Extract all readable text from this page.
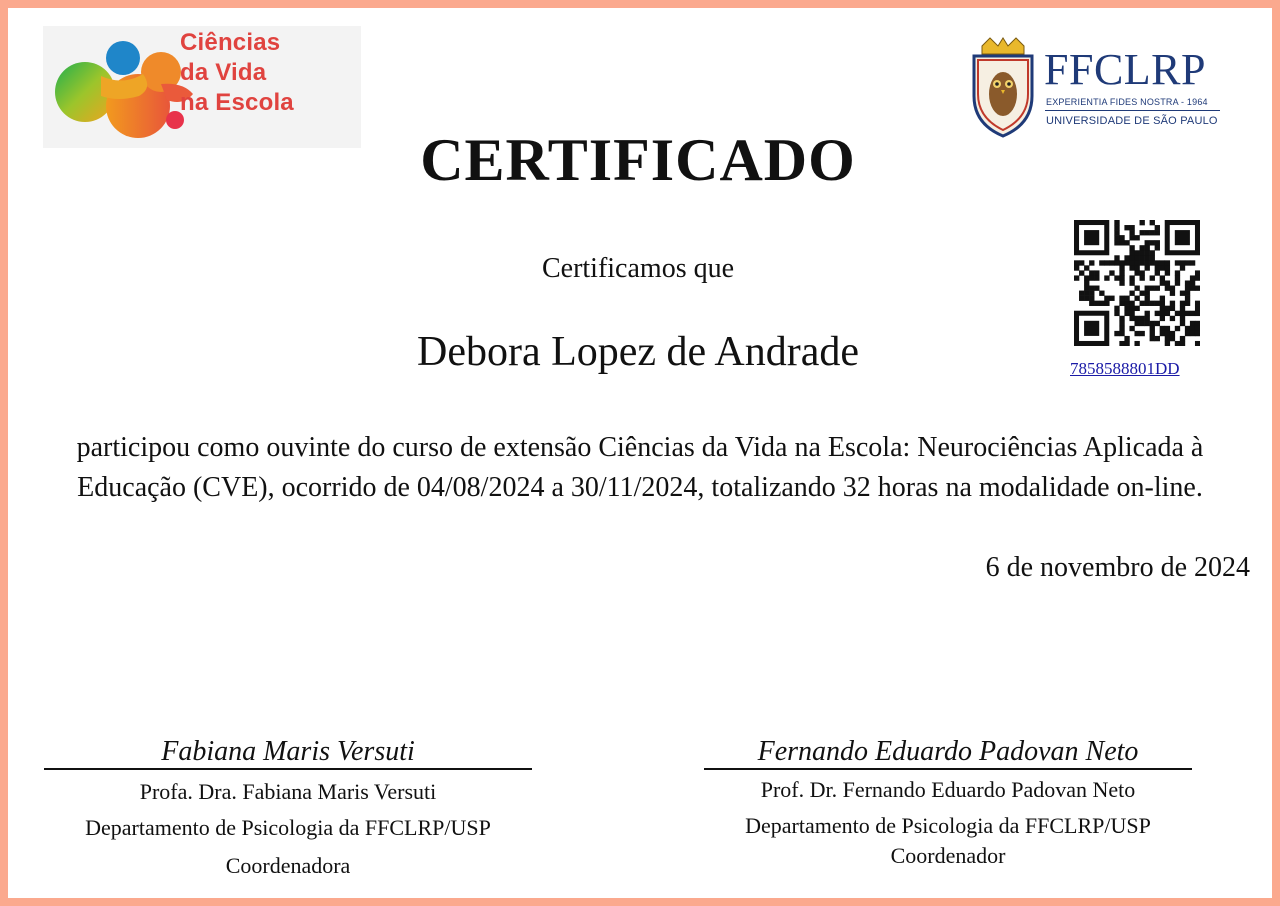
Ciências
da Vida
na Escola
FFCLRP
EXPERIENTIA FIDES NOSTRA - 1964
UNIVERSIDADE DE SÃO PAULO
CERTIFICADO
Certificamos que
Debora Lopez de Andrade	7858588801DD
participou como ouvinte do curso de extensão Ciências da Vida na Escola: Neurociências Aplicada à
Educação (CVE), ocorrido de 04/08/2024 a 30/11/2024, totalizando 32 horas na modalidade on-line.
6 de novembro de 2024
Fabiana Maris Versuti
Profa. Dra. Fabiana Maris Versuti
Departamento de Psicologia da FFCLRP/USP
Coordenadora
Fernando Eduardo Padovan Neto
Prof. Dr. Fernando Eduardo Padovan Neto
Departamento de Psicologia da FFCLRP/USP
Coordenador
